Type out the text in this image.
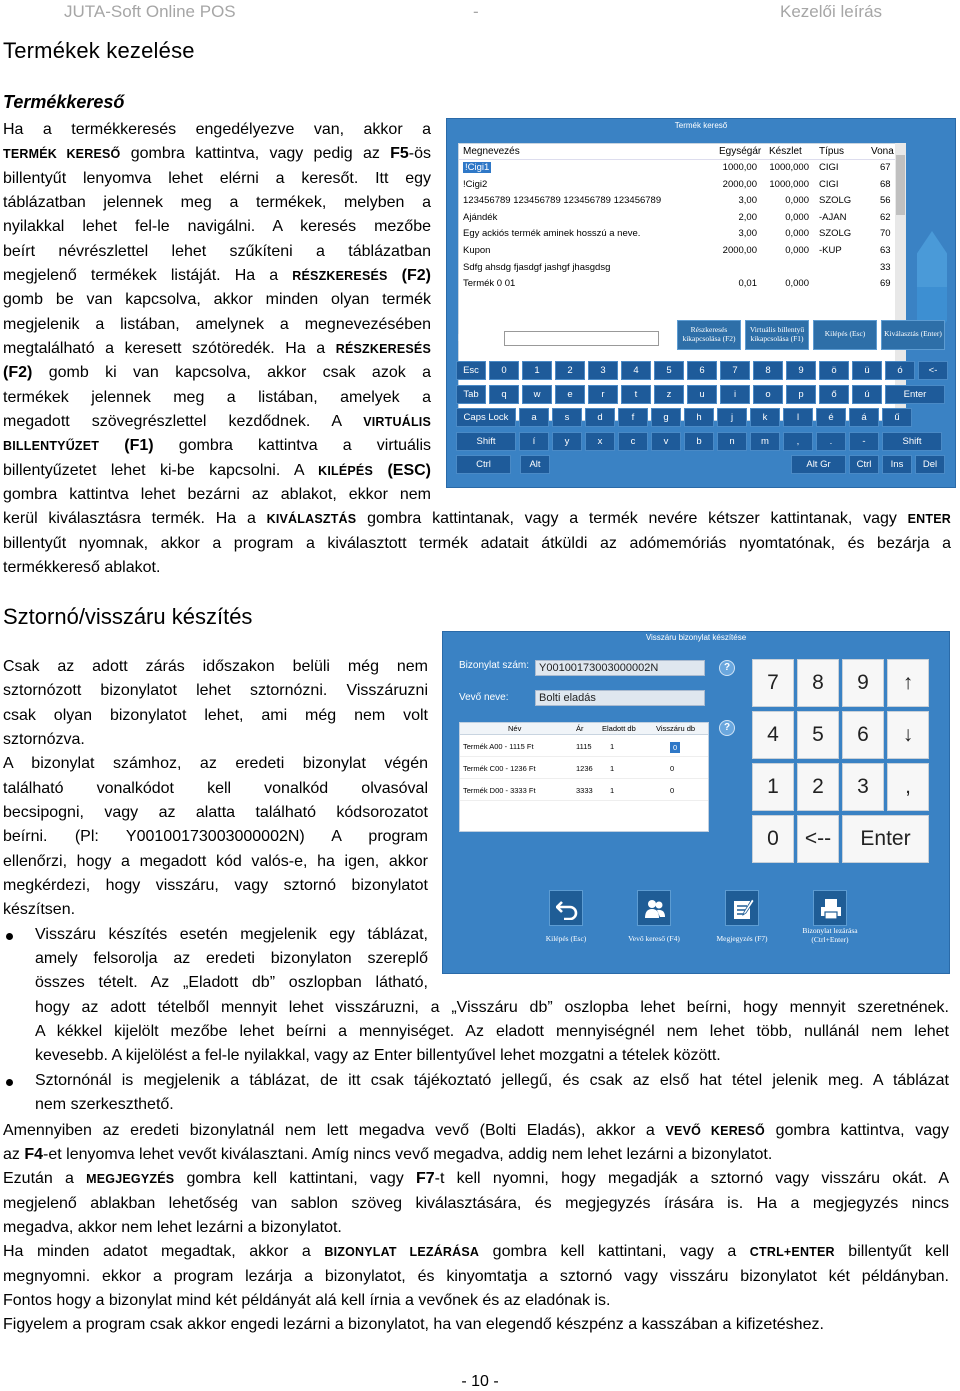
JUTA-Soft Online POS	-	Kezelői leírás
Termékek kezelése
Termékkereső
Ha a termékkeresés engedélyezve van, akkor a
TERMÉK KERESŐ gombra kattintva, vagy pedig az F5-ös
billentyűt lenyomva lehet elérni a keresőt. Itt egy
táblázatban jelennek meg a termékek, melyben a
nyilakkal lehet fel-le navigálni. A keresés mezőbe
beírt névrészlettel lehet szűkíteni a táblázatban
megjelenő termékek listáját. Ha a RÉSZKERESÉS (F2)
gomb be van kapcsolva, akkor minden olyan termék
megjelenik a listában, amelynek a megnevezésében
megtalálható a keresett szótöredék. Ha a RÉSZKERESÉS
(F2) gomb ki van kapcsolva, akkor csak azok a
termékek jelennek meg a listában, amelyek a
megadott szövegrészlettel kezdődnek. A VIRTUÁLIS
BILLENTYŰZET (F1) gombra kattintva a virtuális
billentyűzetet lehet ki-be kapcsolni. A KILÉPÉS (ESC)
gombra kattintva lehet bezárni az ablakot, ekkor nem
kerül kiválasztásra termék. Ha a KIVÁLASZTÁS gombra kattintanak, vagy a termék nevére kétszer kattintanak, vagy ENTER
billentyűt nyomnak, akkor a program a kiválasztott termék adatait átküldi az adómemóriás nyomtatónak, és bezárja a
termékkereső ablakot.
Termék kereső
Megnevezés	Egységár Készlet Típus	Vona
!Cigi1	1000,00 1000,000 CIGI	67
!Cigi2	2000,00 1000,000 CIGI	68
123456789 123456789 123456789 123456789	3,00	0,000 SZOLG	56
Ajándék	2,00	0,000 -AJAN	62
Egy ackiós termék aminek hosszú a neve.	3,00	0,000 SZOLG	70
Kupon	2000,00	0,000 -KUP	63
Sdfg ahsdg fjasdgf jashgf jhasgdsg	33
Termék 0 01	0,01	0,000	69
Keresés:
Részkeresés kikapcsolása (F2)
Virtuális billentyű kikapcsolása (F1)
Kilépés (Esc)	Kiválasztás (Enter)
Esc	0	1	2	3	4	5	6	7	8	9	ö	ü	ó	<-
Tab	q	w	e	r	t	z	u	i	o	p	ő	ú	Enter
Caps Lock	a	s	d	f	g	h	j	k	l	é	á	ű
Shift	í	y	x	c	v	b	n	m	,	.	-	Shift
Ctrl	Alt	Alt Gr	Ctrl	Ins	Del
Sztornó/visszáru készítés
Csak az adott zárás időszakon belüli még nem
sztornózott bizonylatot lehet sztornózni. Visszáruzni
csak olyan bizonylatot lehet, ami még nem volt
sztornózva.
A bizonylat számhoz, az eredeti bizonylat végén
található vonalkódot kell vonalkód olvasóval
becsipogni, vagy az alatta található kódsorozatot
beírni. (Pl: Y00100173003000002N) A program
ellenőrzi, hogy a megadott kód valós-e, ha igen, akkor
megkérdezi, hogy visszáru, vagy sztornó bizonylatot
készítsen.
Visszáru készítés esetén megjelenik egy táblázat,
amely felsorolja az eredeti bizonylaton szereplő
összes tételt. Az „Eladott db” oszlopban látható,
hogy az adott tételből mennyit lehet visszáruzni, a „Visszáru db” oszlopba lehet beírni, hogy mennyit szeretnének.
A kékkel kijelölt mezőbe lehet beírni a mennyiséget. Az eladott mennyiségnél nem lehet több, nullánál nem lehet
kevesebb. A kijelölést a fel-le nyilakkal, vagy az Enter billentyűvel lehet mozgatni a tételek között.
Sztornónál is megjelenik a táblázat, de itt csak tájékoztató jellegű, és csak az első hat tétel jelenik meg. A táblázat
nem szerkeszthető.
Amennyiben az eredeti bizonylatnál nem lett megadva vevő (Bolti Eladás), akkor a VEVŐ KERESŐ gombra kattintva, vagy
az F4-et lenyomva lehet vevőt kiválasztani. Amíg nincs vevő megadva, addig nem lehet lezárni a bizonylatot.
Ezután a MEGJEGYZÉS gombra kell kattintani, vagy F7-t kell nyomni, hogy megadják a sztornó vagy visszáru okát. A
megjelenő ablakban lehetőség van sablon szöveg kiválasztására, és megjegyzés írására is. Ha a megjegyzés nincs
megadva, akkor nem lehet lezárni a bizonylatot.
Ha minden adatot megadtak, akkor a BIZONYLAT LEZÁRÁSA gombra kell kattintani, vagy a CTRL+ENTER billentyűt kell
megnyomni. ekkor a program lezárja a bizonylatot, és kinyomtatja a sztornó vagy visszáru bizonylatot két példányban.
Fontos hogy a bizonylat mind két példányát alá kell írnia a vevőnek és az eladónak is.
Figyelem a program csak akkor engedi lezárni a bizonylatot, ha van elegendő készpénz a kasszában a kifizetéshez.
Visszáru bizonylat készítése
Bizonylat szám: Y00100173003000002N	?
Vevő neve:	Bolti eladás
?
Név	Ár Eladott db	Visszáru db
Termék A00 - 1115 Ft	1115 1	0
Termék C00 - 1236 Ft	1236 1	0
Termék D00 - 3333 Ft	3333 1	0
7	8	9	↑
4	5	6	↓
1	2	3	,
0	<--	Enter
Kilépés (Esc)	Vevő kereső (F4)	Megjegyzés (F7)
Bizonylat lezárása (Ctrl+Enter)
- 10 -
